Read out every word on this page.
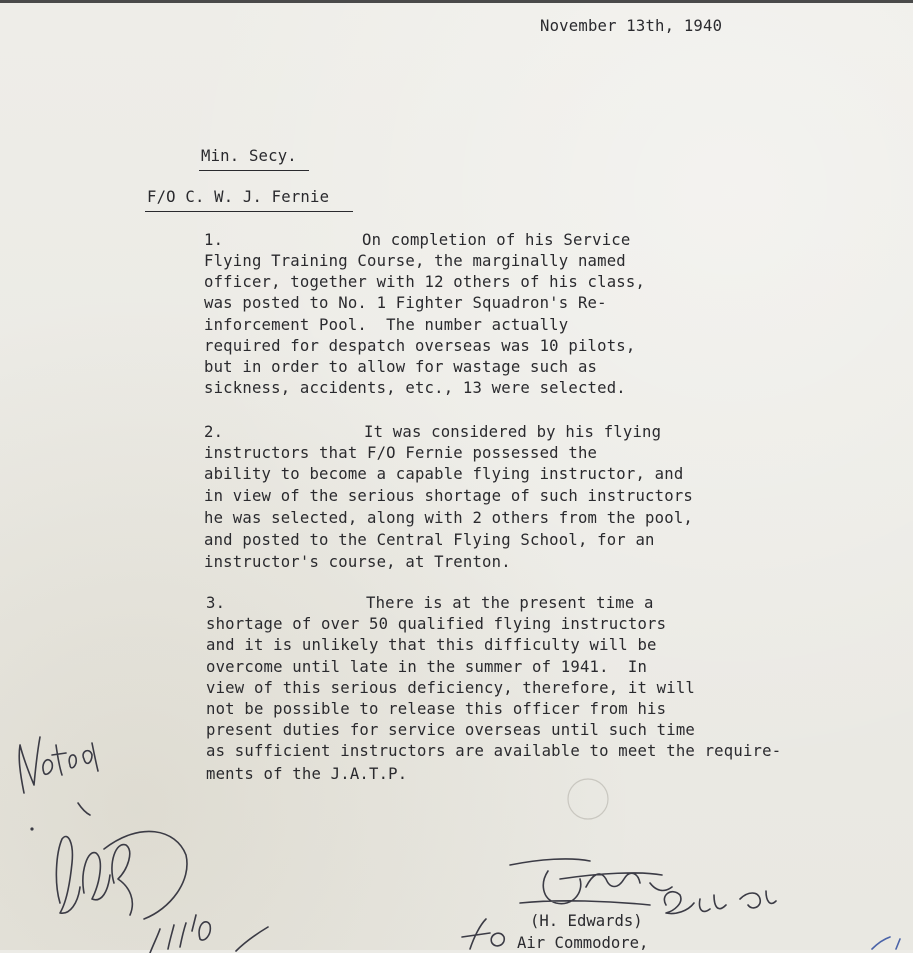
November 13th, 1940
Min. Secy.
F/O C. W. J. Fernie
1.	On completion of his Service
Flying Training Course, the marginally named
officer, together with 12 others of his class,
was posted to No. 1 Fighter Squadron's Re-
inforcement Pool.  The number actually
required for despatch overseas was 10 pilots,
but in order to allow for wastage such as
sickness, accidents, etc., 13 were selected.
2.	It was considered by his flying
instructors that F/O Fernie possessed the
ability to become a capable flying instructor, and
in view of the serious shortage of such instructors
he was selected, along with 2 others from the pool,
and posted to the Central Flying School, for an
instructor's course, at Trenton.
3.	There is at the present time a
shortage of over 50 qualified flying instructors
and it is unlikely that this difficulty will be
overcome until late in the summer of 1941.  In
view of this serious deficiency, therefore, it will
not be possible to release this officer from his
present duties for service overseas until such time
as sufficient instructors are available to meet the require-
ments of the J.A.T.P.
(H. Edwards)
Air Commodore,
